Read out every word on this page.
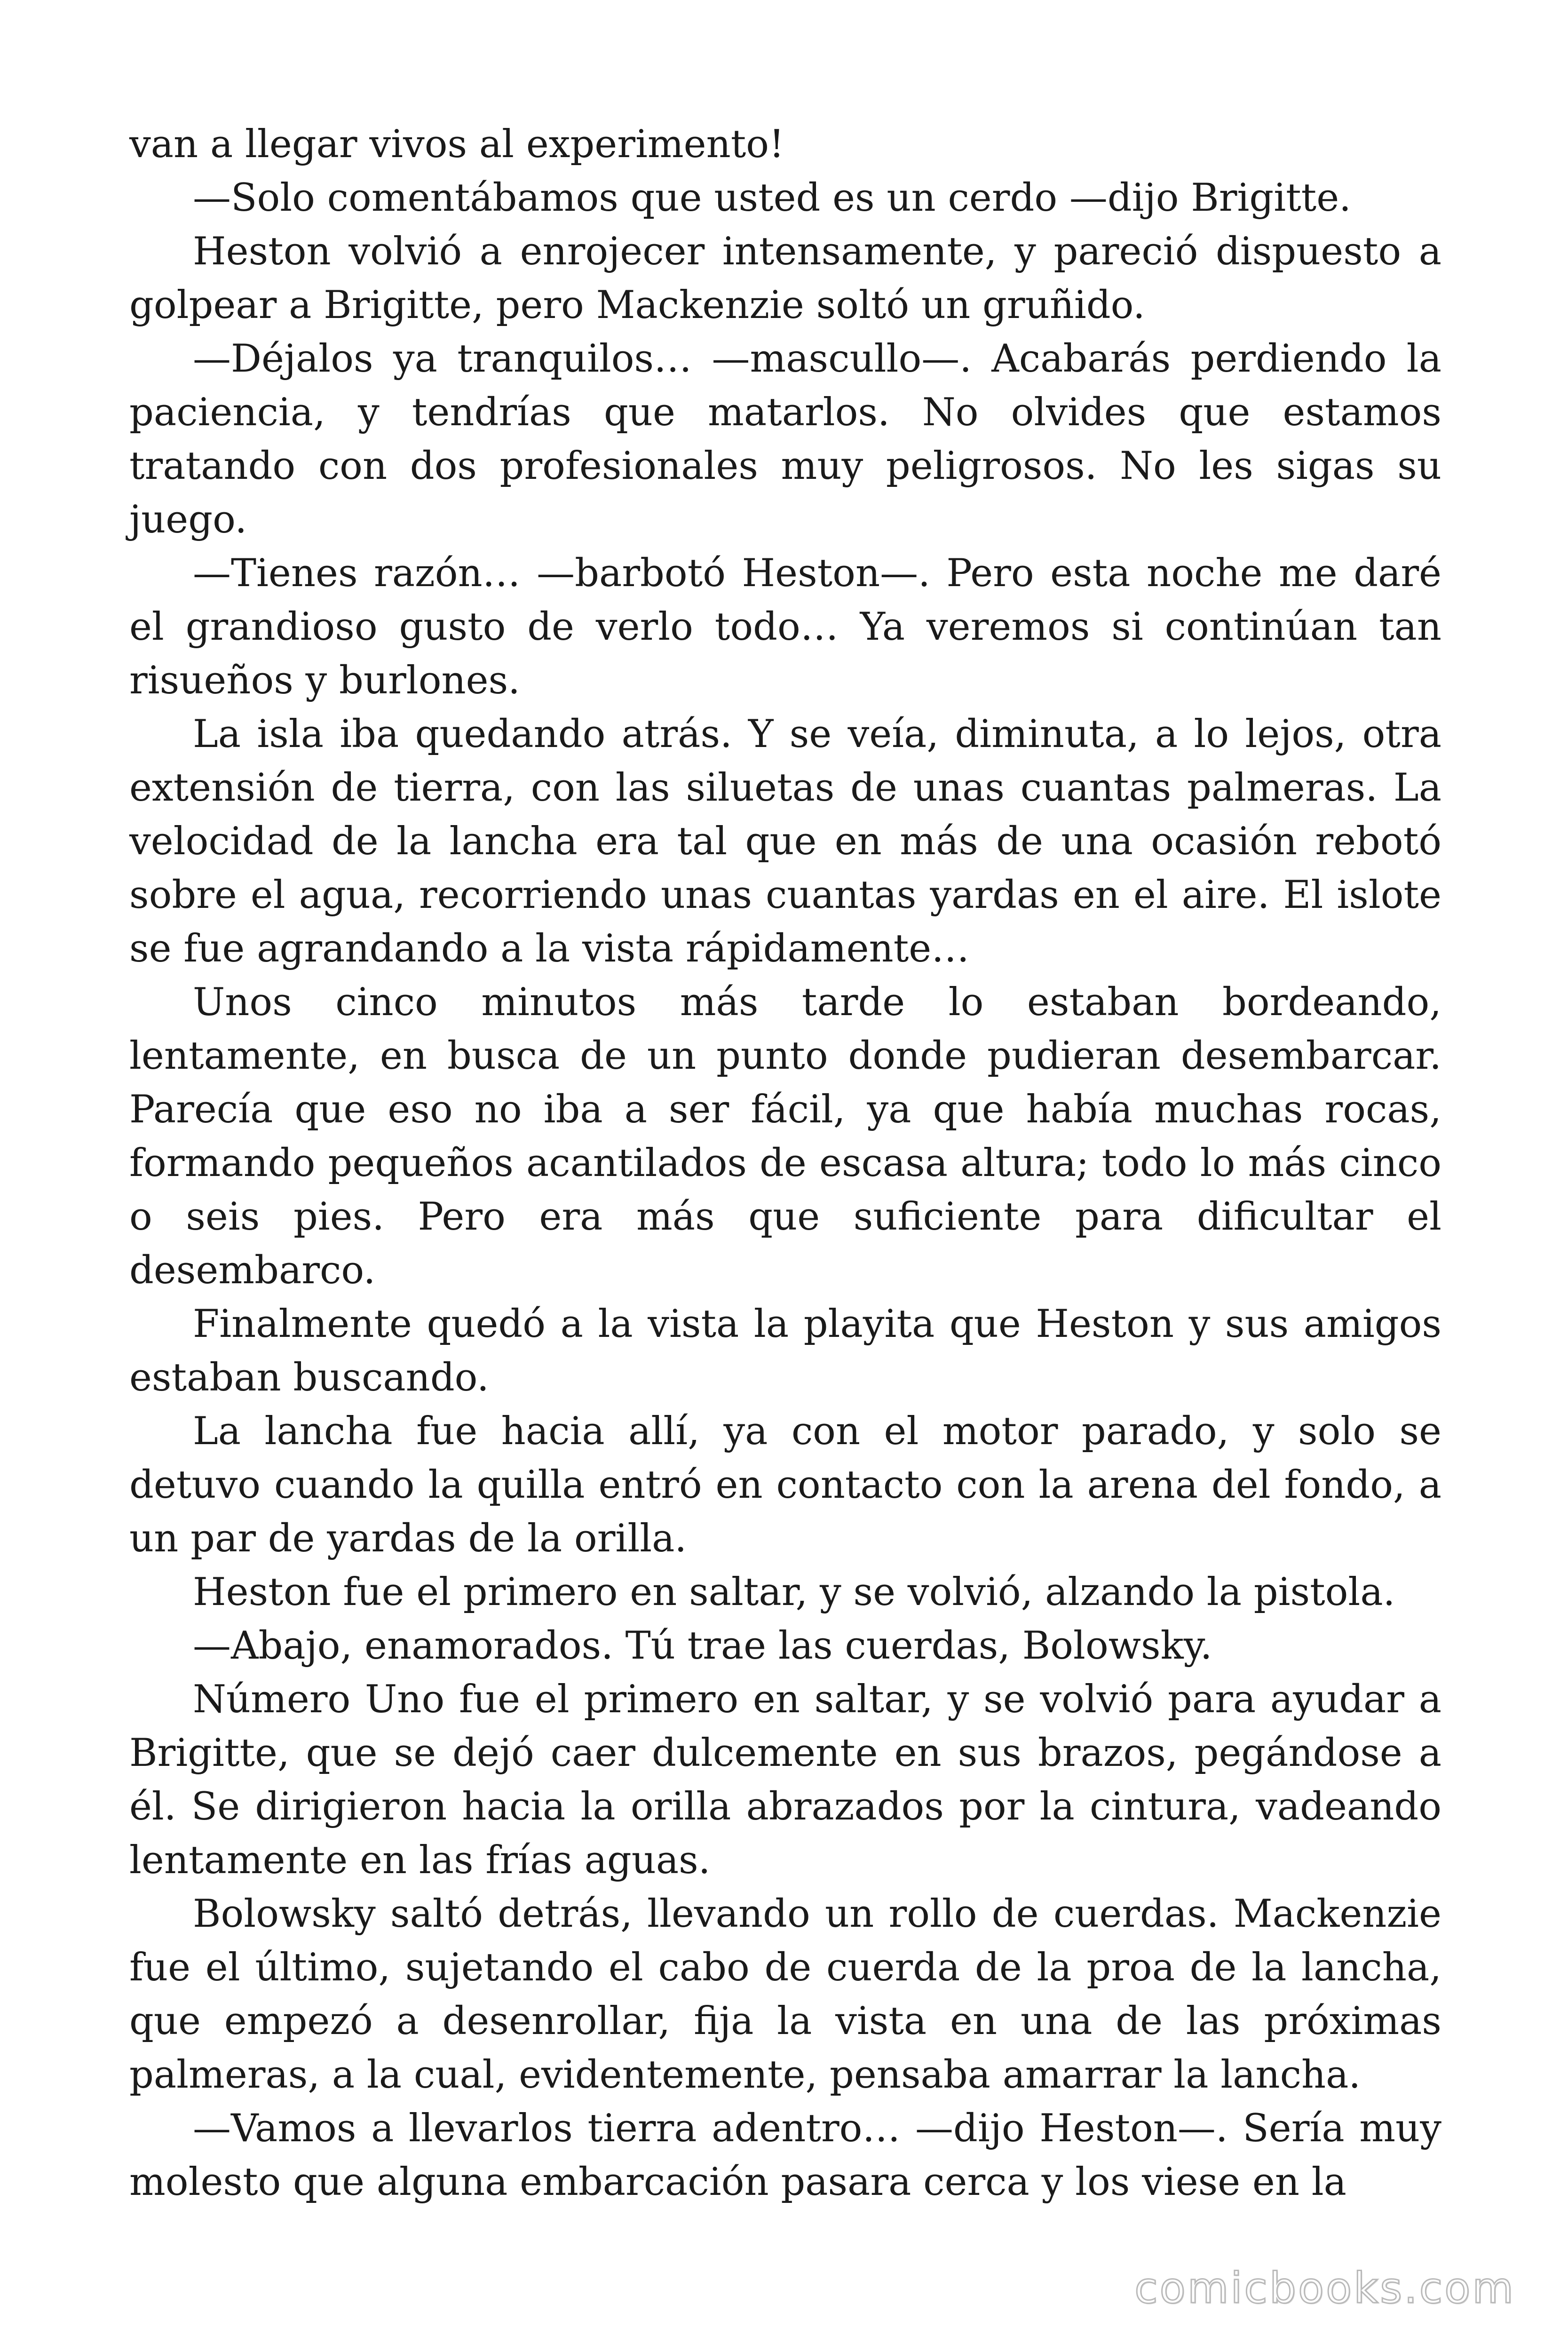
van a llegar vivos al experimento!

—Solo comentábamos que usted es un cerdo —dijo Brigitte.

Heston volvió a enrojecer intensamente, y pareció dispuesto a golpear a Brigitte, pero Mackenzie soltó un gruñido.

—Déjalos ya tranquilos… —mascullo—. Acabarás perdiendo la paciencia, y tendrías que matarlos. No olvides que estamos tratando con dos profesionales muy peligrosos. No les sigas su juego.

—Tienes razón… —barbotó Heston—. Pero esta noche me daré el grandioso gusto de verlo todo… Ya veremos si continúan tan risueños y burlones.

La isla iba quedando atrás. Y se veía, diminuta, a lo lejos, otra extensión de tierra, con las siluetas de unas cuantas palmeras. La velocidad de la lancha era tal que en más de una ocasión rebotó sobre el agua, recorriendo unas cuantas yardas en el aire. El islote se fue agrandando a la vista rápidamente…

Unos cinco minutos más tarde lo estaban bordeando, lentamente, en busca de un punto donde pudieran desembarcar. Parecía que eso no iba a ser fácil, ya que había muchas rocas, formando pequeños acantilados de escasa altura; todo lo más cinco o seis pies. Pero era más que suficiente para dificultar el desembarco.

Finalmente quedó a la vista la playita que Heston y sus amigos estaban buscando.

La lancha fue hacia allí, ya con el motor parado, y solo se detuvo cuando la quilla entró en contacto con la arena del fondo, a un par de yardas de la orilla.

Heston fue el primero en saltar, y se volvió, alzando la pistola.

—Abajo, enamorados. Tú trae las cuerdas, Bolowsky.

Número Uno fue el primero en saltar, y se volvió para ayudar a Brigitte, que se dejó caer dulcemente en sus brazos, pegándose a él. Se dirigieron hacia la orilla abrazados por la cintura, vadeando lentamente en las frías aguas.

Bolowsky saltó detrás, llevando un rollo de cuerdas. Mackenzie fue el último, sujetando el cabo de cuerda de la proa de la lancha, que empezó a desenrollar, fija la vista en una de las próximas palmeras, a la cual, evidentemente, pensaba amarrar la lancha.

—Vamos a llevarlos tierra adentro… —dijo Heston—. Sería muy molesto que alguna embarcación pasara cerca y los viese en la

comicbooks.com
